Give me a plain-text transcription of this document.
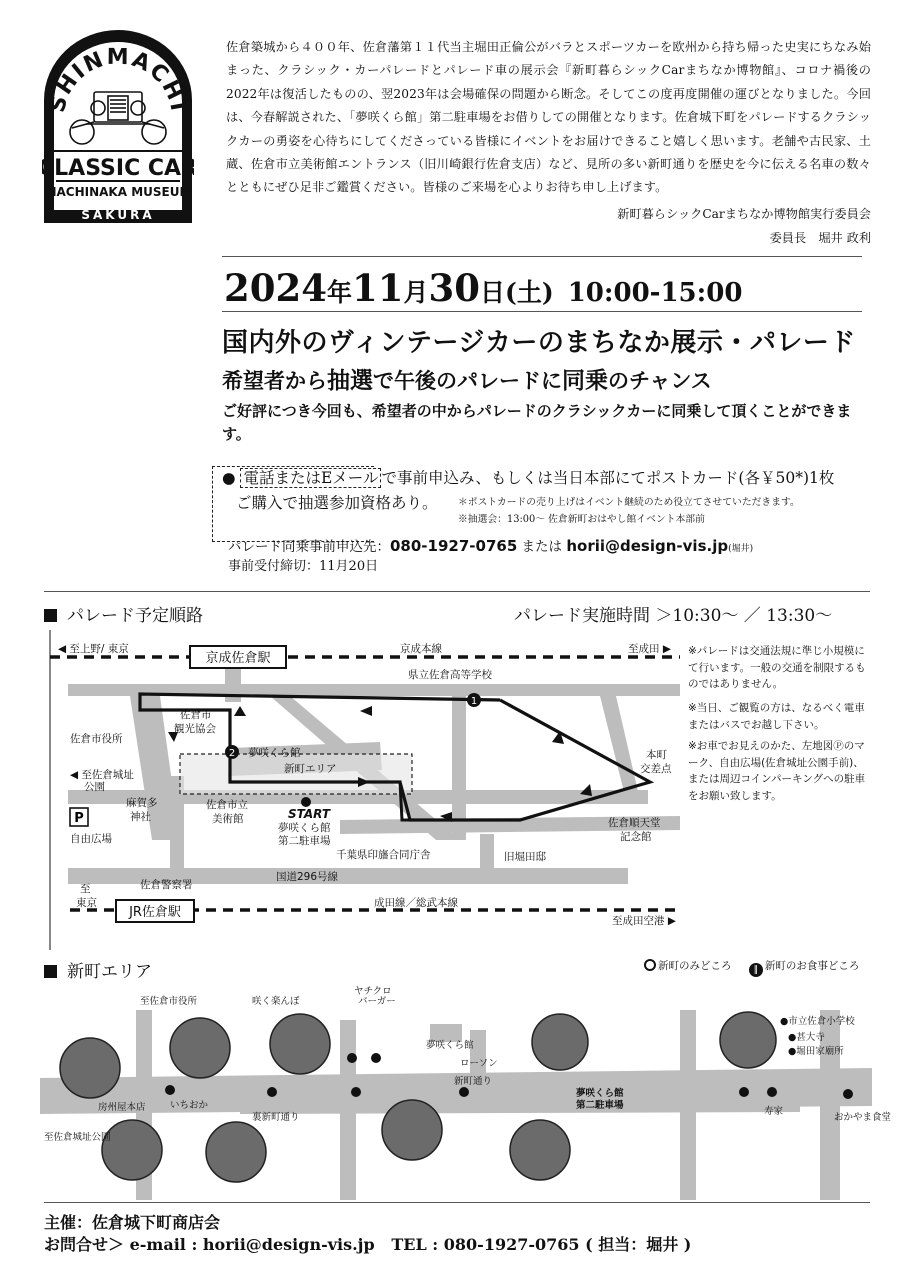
SHINMACHI
CLASSIC CAR
MACHINAKA MUSEUM
SAKURA
佐倉築城から４００年、佐倉藩第１１代当主堀田正倫公がバラとスポーツカーを欧州から持ち帰った史実にちなみ始まった、クラシック・カーパレードとパレード車の展示会『新町暮らシックCarまちなか博物館』、コロナ禍後の2022年は復活したものの、翌2023年は会場確保の問題から断念。そしてこの度再度開催の運びとなりました。今回は、今春解説された、「夢咲くら館」第二駐車場をお借りしての開催となります。佐倉城下町をパレードするクラシックカーの勇姿を心待ちにしてくださっている皆様にイベントをお届けできること嬉しく思います。老舗や古民家、土蔵、佐倉市立美術館エントランス（旧川崎銀行佐倉支店）など、見所の多い新町通りを歴史を今に伝える名車の数々とともにぜひ足非ご鑑賞ください。皆様のご来場を心よりお待ち申し上げます。
新町暮らシックCarまちなか博物館実行委員会
委員長　堀井 政利
2024年11月30日(土) 10:00-15:00
国内外のヴィンテージカーのまちなか展示・パレード
希望者から抽選で午後のパレードに同乗のチャンス
ご好評につき今回も、希望者の中からパレードのクラシックカーに同乗して頂くことができます。
● 電話またはEメール で事前申込み、もしくは当日本部にてポストカード(各￥50*)1枚
ご購入で抽選参加資格あり。 ＊ポストカードの売り上げはイベント継続のため役立てさせていただきます。
※抽選会：13:00～ 佐倉新町おはやし館イベント本部前
パレード同乗事前申込先：080-1927-0765 または horii@design-vis.jp(堀井)
事前受付締切：11月20日
パレード予定順路	パレード実施時間 ＞10:30～ ／ 13:30～
1
2
京成佐倉駅
JR佐倉駅
◀ 至上野/ 東京	京成本線	至成田 ▶
県立佐倉高等学校
佐倉市役所
佐倉市
観光協会
夢咲くら館
新町エリア
◀ 至佐倉城址
公園
麻賀多
神社
自由広場
佐倉市立
美術館	START
夢咲くら館
第二駐車場
千葉県印旛合同庁舎	旧堀田邸
佐倉順天堂
記念館
本町
交差点
国道296号線
佐倉警察署
至
東京	成田線／総武本線
至成田空港 ▶
P
※パレードは交通法規に準じ小規模にて行います。一般の交通を制限するものではありません。
※当日、ご観覧の方は、なるべく電車またはバスでお越し下さい。
※お車でお見えのかた、左地図Ⓟのマーク、自由広場(佐倉城址公園手前)、または周辺コインパーキングへの駐車をお願い致します。
新町エリア	新町のみどころ ‖ 新町のお食事どころ
至佐倉市役所
至佐倉城址公園
房州屋本店	いちおか
咲く楽んぼ
裏新町通り
ヤチクロ
バーガー
夢咲くら館
ローソン
新町通り
夢咲くら館
第二駐車場
●市立佐倉小学校
●甚大寺
●堀田家廟所
寿家
おかやま食堂
主催：佐倉城下町商店会
お問合せ＞ e-mail : horii@design-vis.jp TEL : 080-1927-0765 ( 担当：堀井 )
